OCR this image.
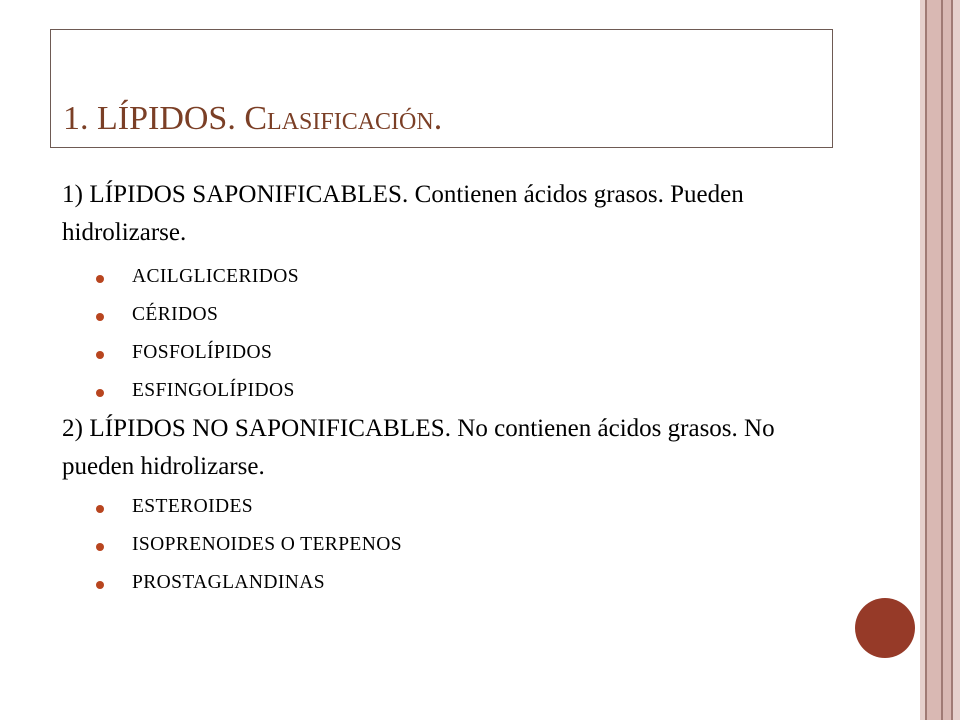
1. LÍPIDOS. Clasificación.

1) LÍPIDOS SAPONIFICABLES. Contienen ácidos grasos. Pueden hidrolizarse.

ACILGLICERIDOS
CÉRIDOS
FOSFOLÍPIDOS
ESFINGOLÍPIDOS

2) LÍPIDOS NO SAPONIFICABLES. No contienen ácidos grasos. No pueden hidrolizarse.

ESTEROIDES
ISOPRENOIDES O TERPENOS
PROSTAGLANDINAS
